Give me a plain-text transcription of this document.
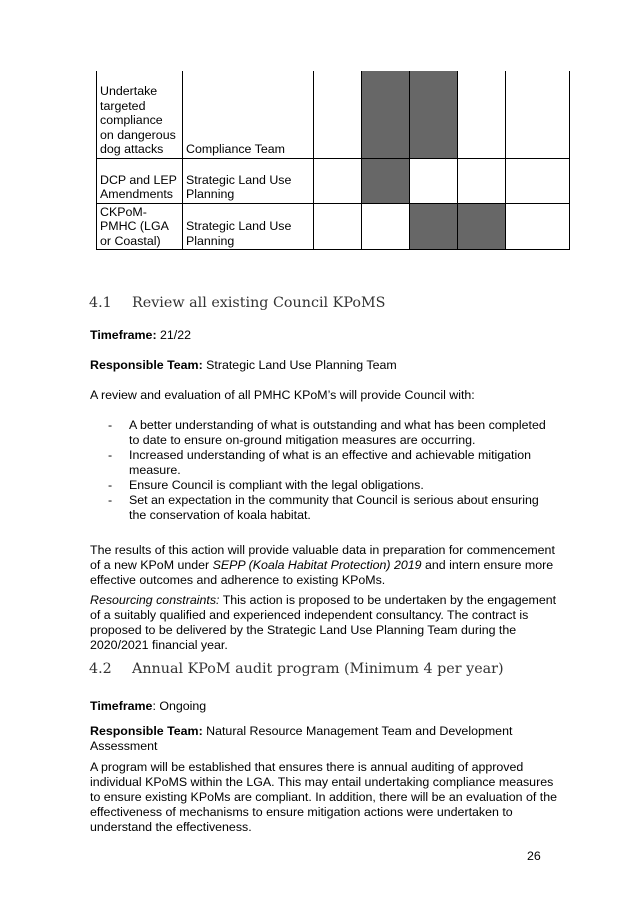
Undertake targeted compliance on dangerous dog attacks	Compliance Team					
DCP and LEP Amendments	Strategic Land Use Planning					
CKPoM-PMHC (LGA or Coastal)	Strategic Land Use Planning					
4.1 Review all existing Council KPoMS
Timeframe: 21/22
Responsible Team: Strategic Land Use Planning Team
A review and evaluation of all PMHC KPoM’s will provide Council with:
- A better understanding of what is outstanding and what has been completed to date to ensure on-ground mitigation measures are occurring.
- Increased understanding of what is an effective and achievable mitigation measure.
- Ensure Council is compliant with the legal obligations.
- Set an expectation in the community that Council is serious about ensuring the conservation of koala habitat.
The results of this action will provide valuable data in preparation for commencement of a new KPoM under SEPP (Koala Habitat Protection) 2019 and intern ensure more effective outcomes and adherence to existing KPoMs.
Resourcing constraints: This action is proposed to be undertaken by the engagement of a suitably qualified and experienced independent consultancy. The contract is proposed to be delivered by the Strategic Land Use Planning Team during the 2020/2021 financial year.
4.2 Annual KPoM audit program (Minimum 4 per year)
Timeframe: Ongoing
Responsible Team: Natural Resource Management Team and Development Assessment
A program will be established that ensures there is annual auditing of approved individual KPoMS within the LGA. This may entail undertaking compliance measures to ensure existing KPoMs are compliant. In addition, there will be an evaluation of the effectiveness of mechanisms to ensure mitigation actions were undertaken to understand the effectiveness.
26
